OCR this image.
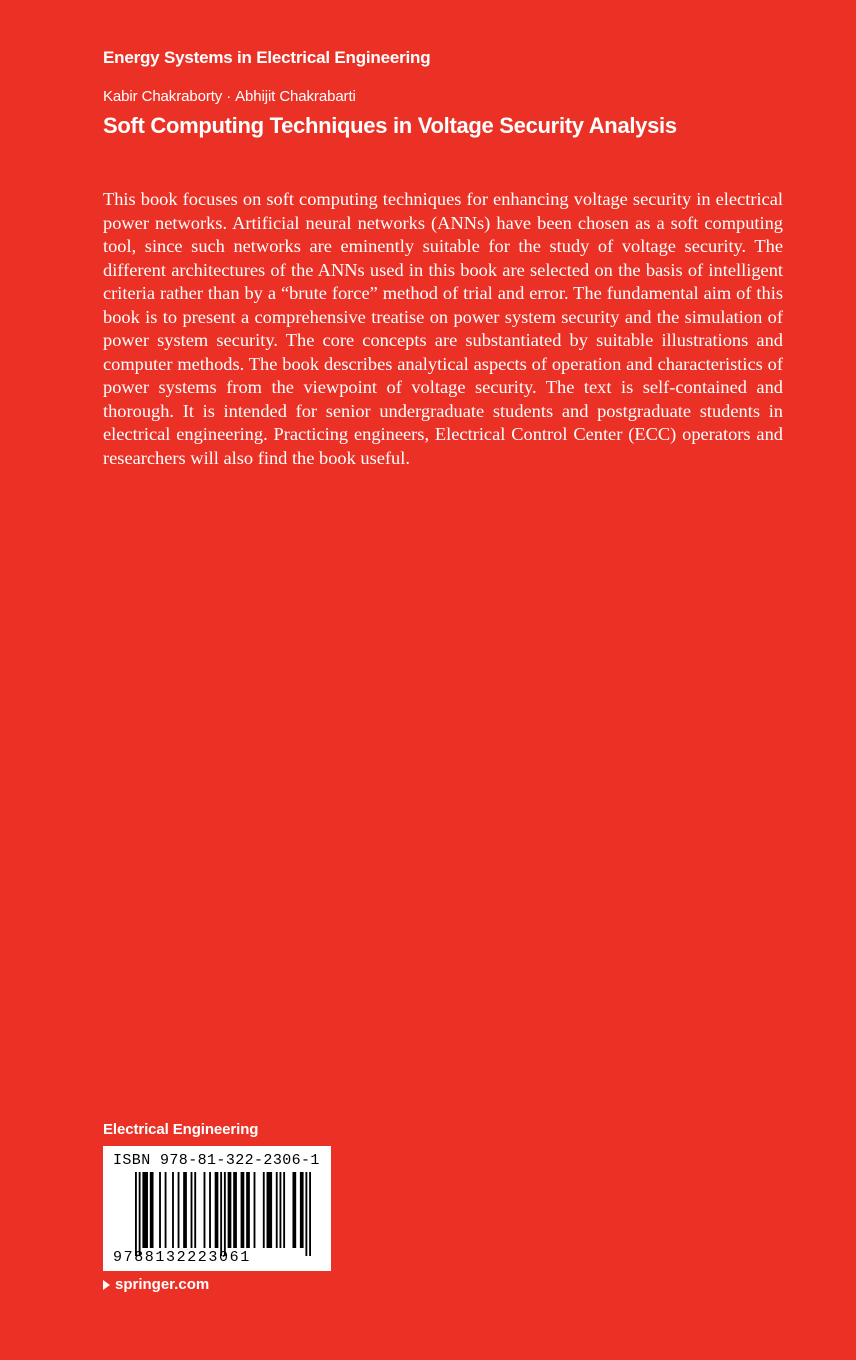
Energy Systems in Electrical Engineering
Kabir Chakraborty · Abhijit Chakrabarti
Soft Computing Techniques in Voltage Security Analysis

This book focuses on soft computing techniques for enhancing voltage security in electrical power networks. Artificial neural networks (ANNs) have been chosen as a soft computing tool, since such networks are eminently suitable for the study of voltage security. The different architectures of the ANNs used in this book are selected on the basis of intelligent criteria rather than by a “brute force” method of trial and error. The fundamental aim of this book is to present a comprehensive treatise on power system security and the simulation of power system security. The core concepts are substantiated by suitable illustrations and computer methods. The book describes analytical aspects of operation and characteristics of power systems from the viewpoint of voltage security. The text is self-contained and thorough. It is intended for senior undergraduate students and postgraduate students in electrical engineering. Practicing engineers, Electrical Control Center (ECC) operators and researchers will also find the book useful.

Electrical Engineering
ISBN 978-81-322-2306-1
9788132223061
springer.com
